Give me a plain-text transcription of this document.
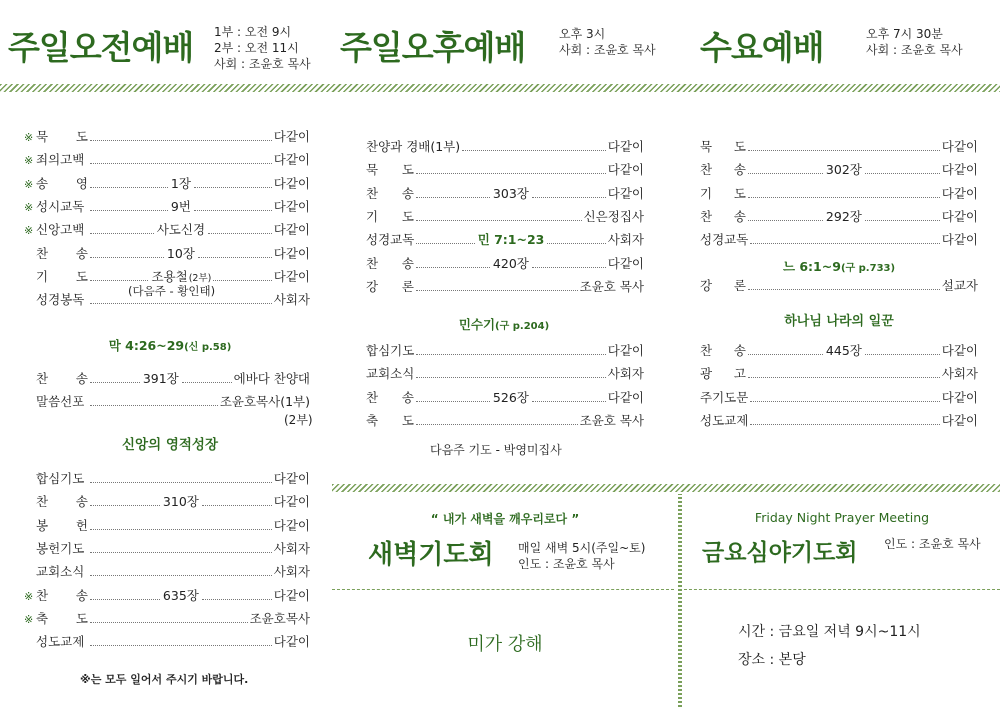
주일오전예배 1부 : 오전 9시
2부 : 오전 11시
사회 : 조윤호 목사 주일오후예배	오후 3시
사회 : 조윤호 목사 수요예배	오후 7시 30분
사회 : 조윤호 목사
※ 묵 도	다같이
※ 죄의고백	다같이
※ 송 영	1장	다같이
※ 성시교독	9번	다같이
※ 신앙고백	사도신경	다같이
찬 송	10장	다같이
기 도	조용철 (2부)	다같이
성경봉독	사회자
(다음주 - 황인태)
막 4:26~29(신 p.58)
찬 송	391장	에바다 찬양대
말씀선포	조윤호목사(1부)
(2부)
신앙의 영적성장
합심기도	다같이
찬 송	310장	다같이
봉 헌	다같이
봉헌기도	사회자
교회소식	사회자
※ 찬 송	635장	다같이
※ 축 도	조윤호목사
성도교제	다같이
※는 모두 일어서 주시기 바랍니다.
찬양과 경배(1부)	다같이
묵 도	다같이
찬 송	303장	다같이
기 도	신은정집사
성경교독	민 7:1~23	사회자
찬 송	420장	다같이
강 론	조윤호 목사
민수기(구 p.204)
합심기도	다같이
교회소식	사회자
찬 송	526장	다같이
축 도	조윤호 목사
다음주 기도 - 박영미집사
묵 도	다같이
찬 송	302장	다같이
기 도	다같이
찬 송	292장	다같이
성경교독	다같이
느 6:1~9(구 p.733)
강 론	설교자
하나님 나라의 일꾼
찬 송	445장	다같이
광 고	사회자
주기도문	다같이
성도교제	다같이
“ 내가 새벽을 깨우리로다 ”
새벽기도회 매일 새벽 5시(주일~토)
인도 : 조윤호 목사
미가 강해
Friday Night Prayer Meeting
금요심야기도회 인도 : 조윤호 목사
시간 : 금요일 저녁 9시~11시
장소 : 본당
